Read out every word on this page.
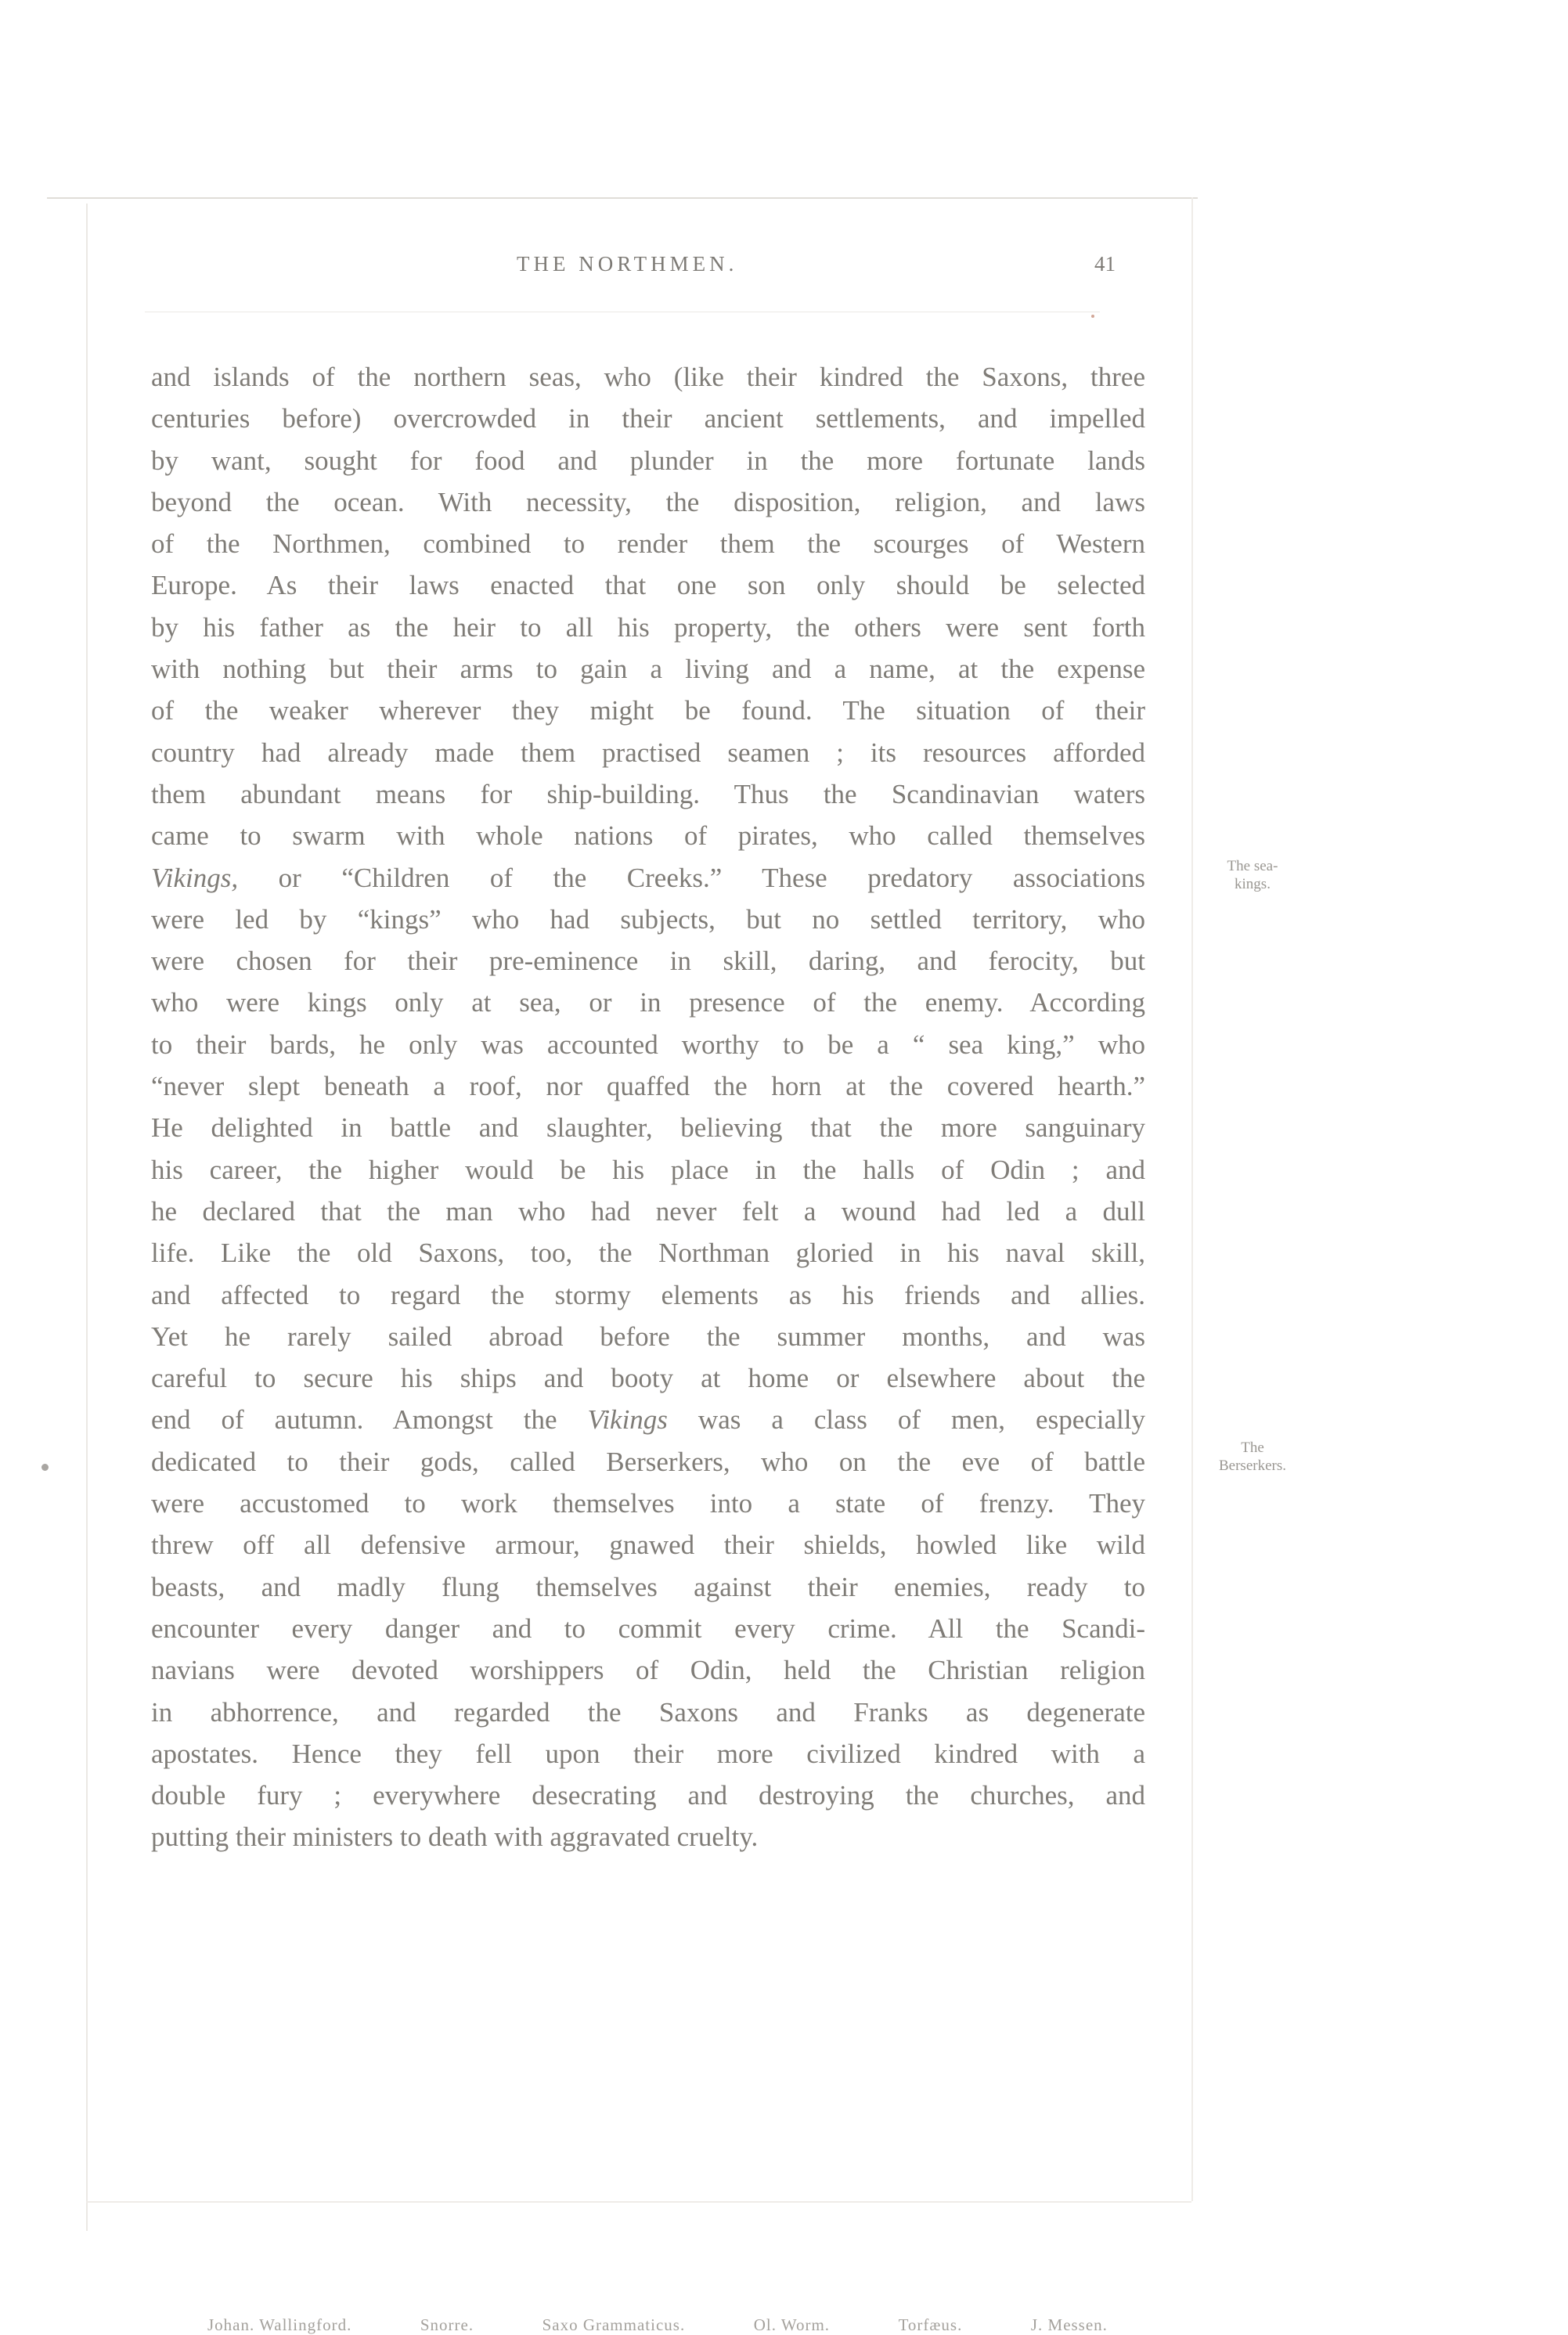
THE NORTHMEN.	41
and islands of the northern seas, who (like their kindred the Saxons, three
centuries before) overcrowded in their ancient settlements, and impelled
by want, sought for food and plunder in the more fortunate lands
beyond the ocean. With necessity, the disposition, religion, and laws
of the Northmen, combined to render them the scourges of Western
Europe. As their laws enacted that one son only should be selected
by his father as the heir to all his property, the others were sent forth
with nothing but their arms to gain a living and a name, at the expense
of the weaker wherever they might be found. The situation of their
country had already made them practised seamen ; its resources afforded
them abundant means for ship-building. Thus the Scandinavian waters
came to swarm with whole nations of pirates, who called themselves
Vikings, or “Children of the Creeks.” These predatory associations
were led by “kings” who had subjects, but no settled territory, who
were chosen for their pre-eminence in skill, daring, and ferocity, but
who were kings only at sea, or in presence of the enemy. According
to their bards, he only was accounted worthy to be a “ sea king,” who
“never slept beneath a roof, nor quaffed the horn at the covered hearth.”
He delighted in battle and slaughter, believing that the more sanguinary
his career, the higher would be his place in the halls of Odin ; and
he declared that the man who had never felt a wound had led a dull
life. Like the old Saxons, too, the Northman gloried in his naval skill,
and affected to regard the stormy elements as his friends and allies.
Yet he rarely sailed abroad before the summer months, and was
careful to secure his ships and booty at home or elsewhere about the
end of autumn. Amongst the Vikings was a class of men, especially
dedicated to their gods, called Berserkers, who on the eve of battle
were accustomed to work themselves into a state of frenzy. They
threw off all defensive armour, gnawed their shields, howled like wild
beasts, and madly flung themselves against their enemies, ready to
encounter every danger and to commit every crime. All the Scandi-
navians were devoted worshippers of Odin, held the Christian religion
in abhorrence, and regarded the Saxons and Franks as degenerate
apostates. Hence they fell upon their more civilized kindred with a
double fury ; everywhere desecrating and destroying the churches, and
putting their ministers to death with aggravated cruelty.
The sea-kings.
The Berserkers.
Johan. Wallingford.	Snorre.	Saxo Grammaticus.	Ol. Worm.	Torfæus.	J. Messen.
